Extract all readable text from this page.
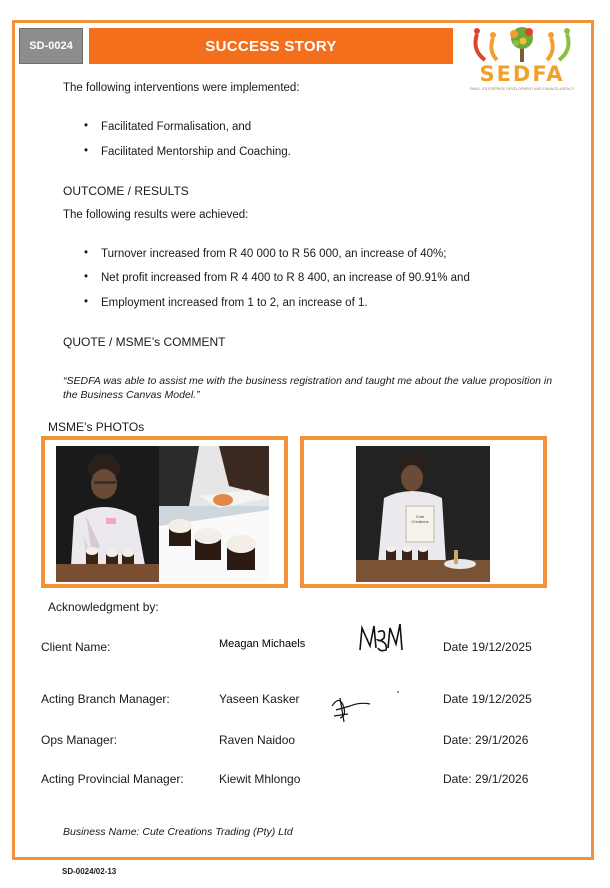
SD-0024	SUCCESS STORY
SEDFA
SMALL ENTERPRISE DEVELOPMENT AND FINANCE AGENCY
The following interventions were implemented:
• Facilitated Formalisation, and
• Facilitated Mentorship and Coaching.
OUTCOME / RESULTS
The following results were achieved:
• Turnover increased from R 40 000 to R 56 000, an increase of 40%;
• Net profit increased from R 4 400 to R 8 400, an increase of 90.91% and
• Employment increased from 1 to 2, an increase of 1.
QUOTE / MSME’s COMMENT
“SEDFA was able to assist me with the business registration and taught me about the value proposition in the Business Canvas Model.”
MSME’s PHOTOs
Cute Creations
Acknowledgment by:
Client Name:	Meagan Michaels	Date 19/12/2025
Acting Branch Manager:	Yaseen Kasker	Date 19/12/2025
Ops Manager:	Raven Naidoo	Date: 29/1/2026
Acting Provincial Manager:	Kiewit Mhlongo	Date: 29/1/2026
Business Name: Cute Creations Trading (Pty) Ltd
SD-0024/02-13
